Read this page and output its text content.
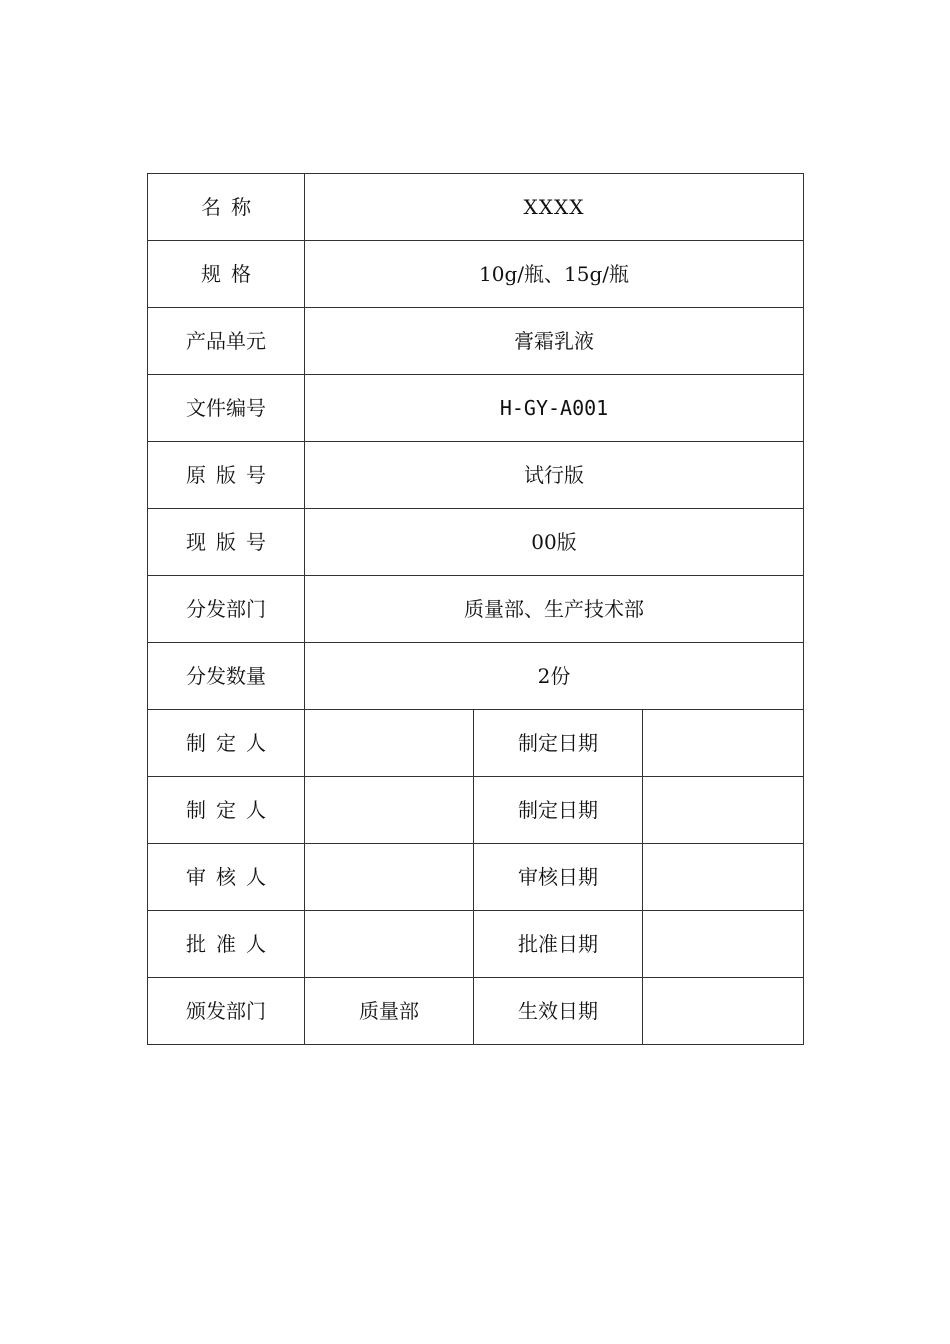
名称	XXXX		
规格	10g/瓶、15g/瓶		
产品单元	膏霜乳液		
文件编号	H-GY-A001		
原版号	试行版		
现版号	00版		
分发部门	质量部、生产技术部		
分发数量	2份		
制定人		制定日期	
制定人		制定日期	
审核人		审核日期	
批准人		批准日期	
颁发部门	质量部	生效日期	
